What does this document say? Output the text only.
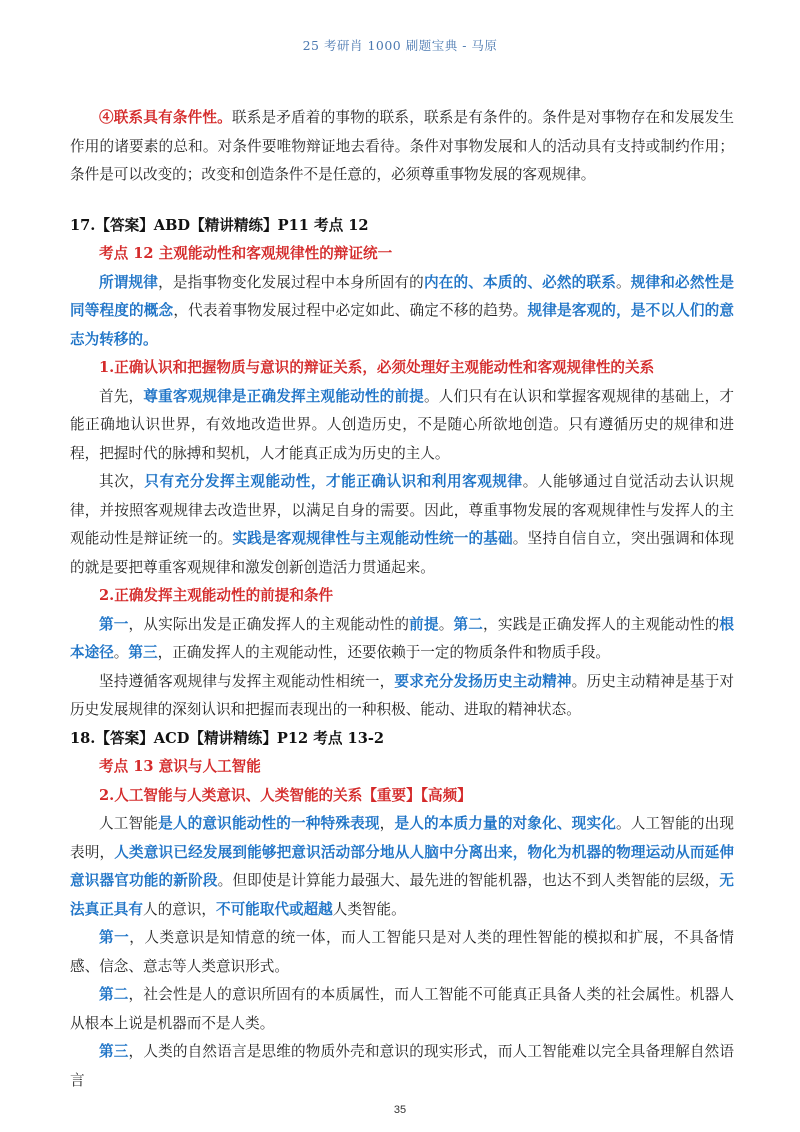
25 考研肖 1000 刷题宝典 - 马原

④联系具有条件性。联系是矛盾着的事物的联系，联系是有条件的。条件是对事物存在和发展发生作用的诸要素的总和。对条件要唯物辩证地去看待。条件对事物发展和人的活动具有支持或制约作用；条件是可以改变的；改变和创造条件不是任意的，必须尊重事物发展的客观规律。

17.【答案】ABD【精讲精练】P11 考点 12

考点 12 主观能动性和客观规律性的辩证统一

所谓规律，是指事物变化发展过程中本身所固有的内在的、本质的、必然的联系。规律和必然性是同等程度的概念，代表着事物发展过程中必定如此、确定不移的趋势。规律是客观的，是不以人们的意志为转移的。

1.正确认识和把握物质与意识的辩证关系，必须处理好主观能动性和客观规律性的关系

首先，尊重客观规律是正确发挥主观能动性的前提。人们只有在认识和掌握客观规律的基础上，才能正确地认识世界，有效地改造世界。人创造历史，不是随心所欲地创造。只有遵循历史的规律和进程，把握时代的脉搏和契机，人才能真正成为历史的主人。

其次，只有充分发挥主观能动性，才能正确认识和利用客观规律。人能够通过自觉活动去认识规律，并按照客观规律去改造世界，以满足自身的需要。因此，尊重事物发展的客观规律性与发挥人的主观能动性是辩证统一的。实践是客观规律性与主观能动性统一的基础。坚持自信自立，突出强调和体现的就是要把尊重客观规律和激发创新创造活力贯通起来。

2.正确发挥主观能动性的前提和条件

第一，从实际出发是正确发挥人的主观能动性的前提。第二，实践是正确发挥人的主观能动性的根本途径。第三，正确发挥人的主观能动性，还要依赖于一定的物质条件和物质手段。

坚持遵循客观规律与发挥主观能动性相统一，要求充分发扬历史主动精神。历史主动精神是基于对历史发展规律的深刻认识和把握而表现出的一种积极、能动、进取的精神状态。

18.【答案】ACD【精讲精练】P12 考点 13-2

考点 13 意识与人工智能

2.人工智能与人类意识、人类智能的关系【重要】【高频】

人工智能是人的意识能动性的一种特殊表现，是人的本质力量的对象化、现实化。人工智能的出现表明，人类意识已经发展到能够把意识活动部分地从人脑中分离出来，物化为机器的物理运动从而延伸意识器官功能的新阶段。但即使是计算能力最强大、最先进的智能机器，也达不到人类智能的层级，无法真正具有人的意识，不可能取代或超越人类智能。

第一，人类意识是知情意的统一体，而人工智能只是对人类的理性智能的模拟和扩展，不具备情感、信念、意志等人类意识形式。

第二，社会性是人的意识所固有的本质属性，而人工智能不可能真正具备人类的社会属性。机器人从根本上说是机器而不是人类。

第三，人类的自然语言是思维的物质外壳和意识的现实形式，而人工智能难以完全具备理解自然语言

35
